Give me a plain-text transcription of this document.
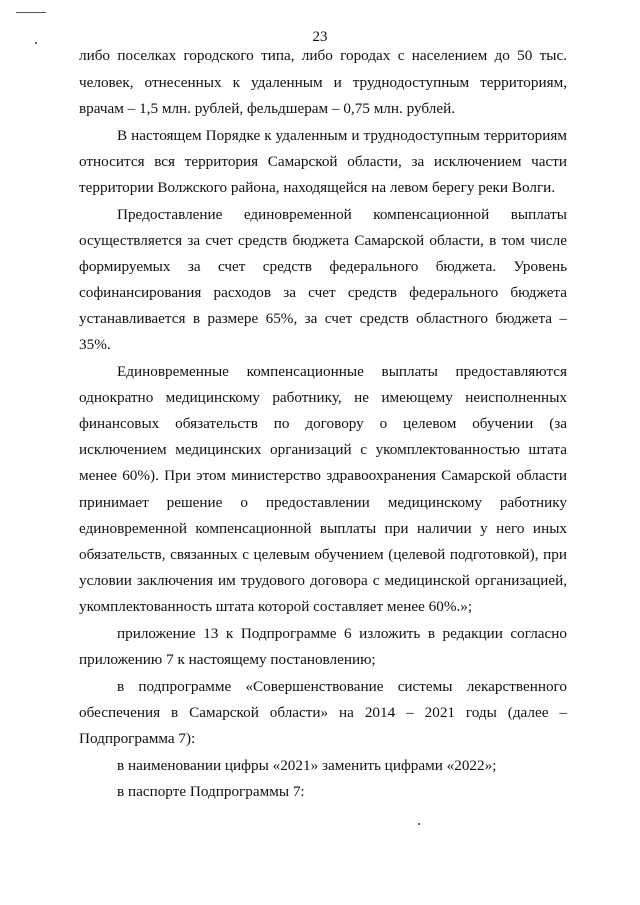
23
либо поселках городского типа, либо городах с населением до 50 тыс.
человек, отнесенных к удаленным и труднодоступным территориям,
врачам – 1,5 млн. рублей, фельдшерам – 0,75 млн. рублей.
В настоящем Порядке к удаленным и труднодоступным территориям
относится вся территория Самарской области, за исключением части
территории Волжского района, находящейся на левом берегу реки Волги.
Предоставление единовременной компенсационной выплаты
осуществляется за счет средств бюджета Самарской области, в том числе
формируемых за счет средств федерального бюджета. Уровень
софинансирования расходов за счет средств федерального бюджета
устанавливается в размере 65%, за счет средств областного бюджета –
35%.
Единовременные компенсационные выплаты предоставляются
однократно медицинскому работнику, не имеющему неисполненных
финансовых обязательств по договору о целевом обучении (за
исключением медицинских организаций с укомплектованностью штата
менее 60%). При этом министерство здравоохранения Самарской области
принимает решение о предоставлении медицинскому работнику
единовременной компенсационной выплаты при наличии у него иных
обязательств, связанных с целевым обучением (целевой подготовкой), при
условии заключения им трудового договора с медицинской организацией,
укомплектованность штата которой составляет менее 60%.»;
приложение 13 к Подпрограмме 6 изложить в редакции согласно
приложению 7 к настоящему постановлению;
в подпрограмме «Совершенствование системы лекарственного
обеспечения в Самарской области» на 2014 – 2021 годы (далее –
Подпрограмма 7):
в наименовании цифры «2021» заменить цифрами «2022»;
в паспорте Подпрограммы 7:
